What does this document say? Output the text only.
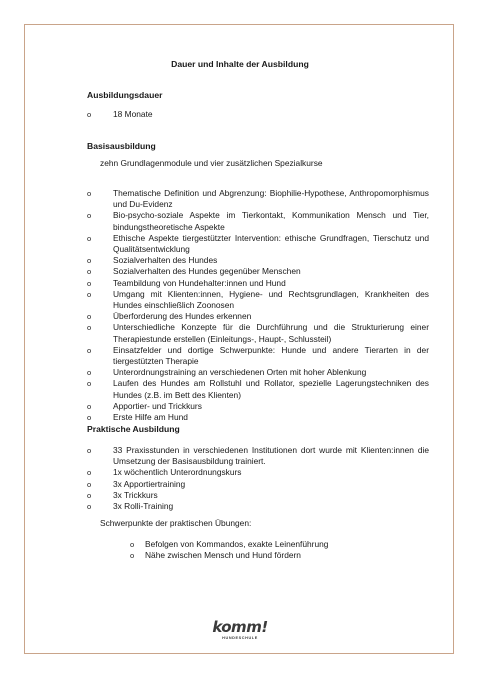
Dauer und Inhalte der Ausbildung
Ausbildungsdauer
o	18 Monate
Basisausbildung
zehn Grundlagenmodule und vier zusätzlichen Spezialkurse
o	Thematische Definition und Abgrenzung: Biophilie-Hypothese, Anthropomorphismus und Du-Evidenz
o	Bio-psycho-soziale Aspekte im Tierkontakt, Kommunikation Mensch und Tier, bindungstheoretische Aspekte
o	Ethische Aspekte tiergestützter Intervention: ethische Grundfragen, Tierschutz und Qualitätsentwicklung
o	Sozialverhalten des Hundes
o	Sozialverhalten des Hundes gegenüber Menschen
o	Teambildung von Hundehalter:innen und Hund
o	Umgang mit Klienten:innen, Hygiene- und Rechtsgrundlagen, Krankheiten des Hundes einschließlich Zoonosen
o	Überforderung des Hundes erkennen
o	Unterschiedliche Konzepte für die Durchführung und die Strukturierung einer Therapiestunde erstellen (Einleitungs-, Haupt-, Schlussteil)
o	Einsatzfelder und dortige Schwerpunkte: Hunde und andere Tierarten in der tiergestützten Therapie
o	Unterordnungstraining an verschiedenen Orten mit hoher Ablenkung
o	Laufen des Hundes am Rollstuhl und Rollator, spezielle Lagerungstechniken des Hundes (z.B. im Bett des Klienten)
o	Apportier- und Trickkurs
o	Erste Hilfe am Hund
Praktische Ausbildung
o	33 Praxisstunden in verschiedenen Institutionen dort wurde mit Klienten:innen die Umsetzung der Basisausbildung trainiert.
o	1x wöchentlich Unterordnungskurs
o	3x Apportiertraining
o	3x Trickkurs
o	3x Rolli-Training
Schwerpunkte der praktischen Übungen:
o Befolgen von Kommandos, exakte Leinenführung
o Nähe zwischen Mensch und Hund fördern
komm!
HUNDESCHULE
